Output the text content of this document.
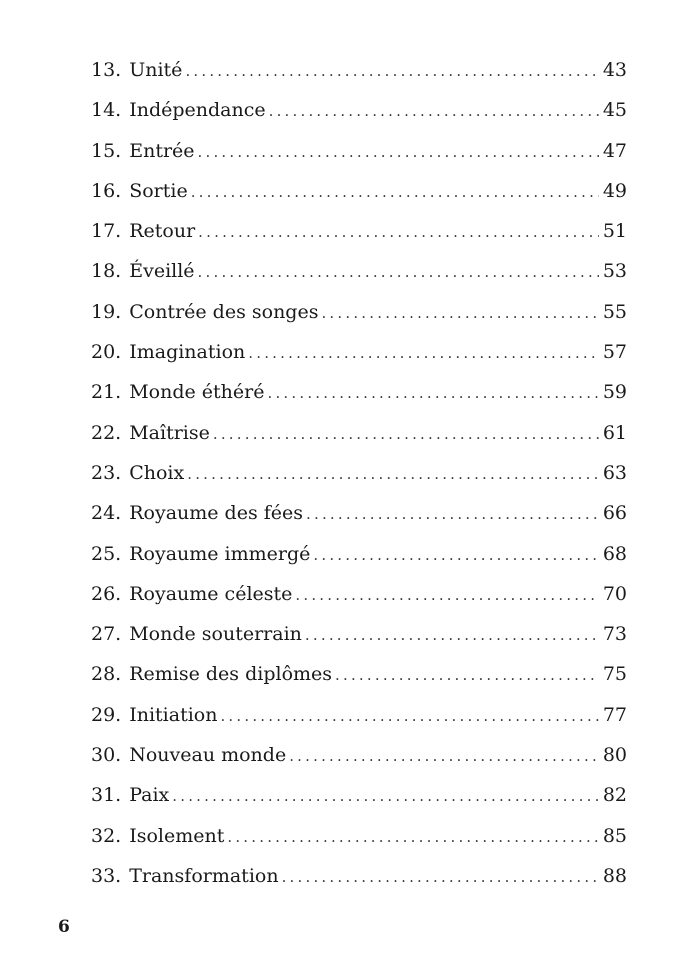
13. Unité .....	43
14. Indépendance .....	45
15. Entrée .....	47
16. Sortie .....	49
17. Retour .....	51
18. Éveillé .....	53
19. Contrée des songes .....	55
20. Imagination .....	57
21. Monde éthéré .....	59
22. Maîtrise .....	61
23. Choix .....	63
24. Royaume des fées .....	66
25. Royaume immergé .....	68
26. Royaume céleste .....	70
27. Monde souterrain .....	73
28. Remise des diplômes .....	75
29. Initiation .....	77
30. Nouveau monde .....	80
31. Paix .....	82
32. Isolement .....	85
33. Transformation .....	88
6
